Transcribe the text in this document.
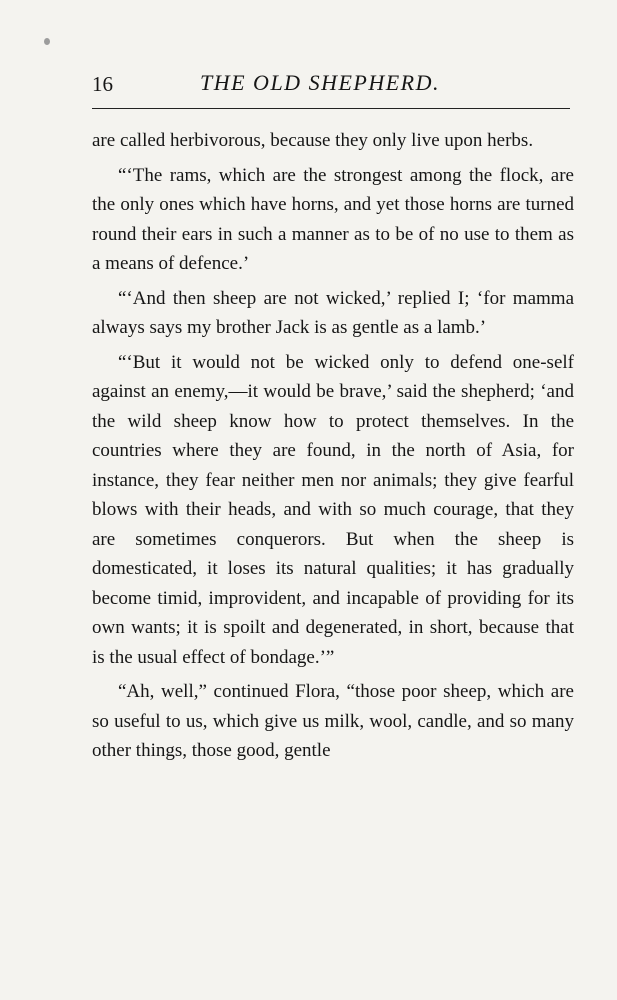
16	THE OLD SHEPHERD.

are called herbivorous, because they only live upon herbs.

“‘The rams, which are the strongest among the flock, are the only ones which have horns, and yet those horns are turned round their ears in such a manner as to be of no use to them as a means of defence.’

“‘And then sheep are not wicked,’ replied I; ‘for mamma always says my brother Jack is as gentle as a lamb.’

“‘But it would not be wicked only to defend one-self against an enemy,—it would be brave,’ said the shepherd; ‘and the wild sheep know how to protect themselves. In the countries where they are found, in the north of Asia, for instance, they fear neither men nor animals; they give fearful blows with their heads, and with so much courage, that they are sometimes conquerors. But when the sheep is domesticated, it loses its natural qualities; it has gradually become timid, improvident, and incapable of providing for its own wants; it is spoilt and degenerated, in short, because that is the usual effect of bondage.’”

“Ah, well,” continued Flora, “those poor sheep, which are so useful to us, which give us milk, wool, candle, and so many other things, those good, gentle
